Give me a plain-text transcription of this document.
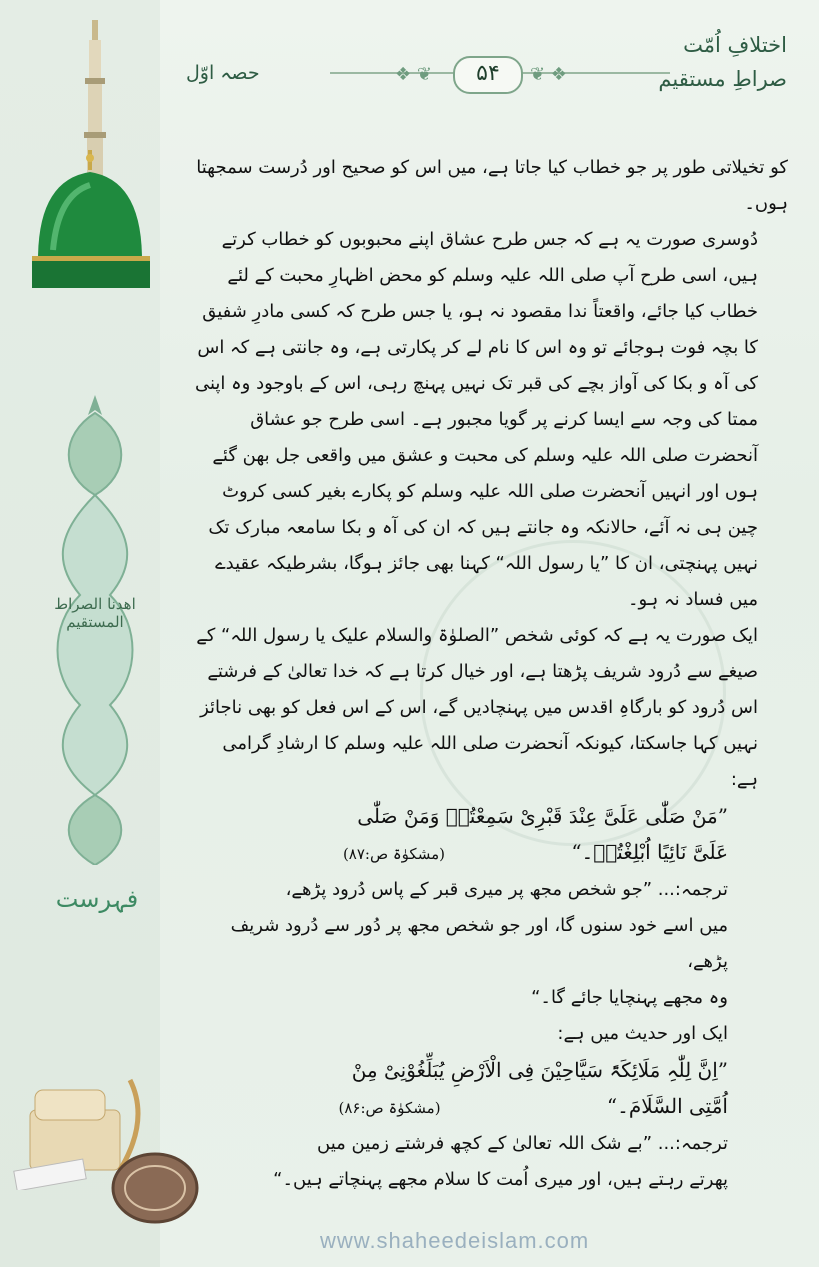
اھدنا الصراط المستقیم
فہرست
حصہ اوّل	❖ ❦	❦ ❖
۵۴
اختلافِ اُمّت
صراطِ مستقیم

کو تخیلاتی طور پر جو خطاب کیا جاتا ہے، میں اس کو صحیح اور دُرست سمجھتا ہوں۔

دُوسری صورت یہ ہے کہ جس طرح عشاق اپنے محبوبوں کو خطاب کرتے ہیں، اسی طرح آپ صلی اللہ علیہ وسلم کو محض اظہارِ محبت کے لئے خطاب کیا جائے، واقعتاً ندا مقصود نہ ہو، یا جس طرح کہ کسی مادرِ شفیق کا بچہ فوت ہوجائے تو وہ اس کا نام لے کر پکارتی ہے، وہ جانتی ہے کہ اس کی آہ و بکا کی آواز بچے کی قبر تک نہیں پہنچ رہی، اس کے باوجود وہ اپنی ممتا کی وجہ سے ایسا کرنے پر گویا مجبور ہے۔ اسی طرح جو عشاق آنحضرت صلی اللہ علیہ وسلم کی محبت و عشق میں واقعی جل بھن گئے ہوں اور انہیں آنحضرت صلی اللہ علیہ وسلم کو پکارے بغیر کسی کروٹ چین ہی نہ آئے، حالانکہ وہ جانتے ہیں کہ ان کی آہ و بکا سامعہ مبارک تک نہیں پہنچتی، ان کا ”یا رسول اللہ“ کہنا بھی جائز ہوگا، بشرطیکہ عقیدے میں فساد نہ ہو۔

ایک صورت یہ ہے کہ کوئی شخص ”الصلوٰۃ والسلام علیک یا رسول اللہ“ کے صیغے سے دُرود شریف پڑھتا ہے، اور خیال کرتا ہے کہ خدا تعالیٰ کے فرشتے اس دُرود کو بارگاہِ اقدس میں پہنچادیں گے، اس کے اس فعل کو بھی ناجائز نہیں کہا جاسکتا، کیونکہ آنحضرت صلی اللہ علیہ وسلم کا ارشادِ گرامی ہے:

”مَنْ صَلّٰی عَلَیَّ عِنْدَ قَبْرِیْ سَمِعْتُہٗ وَمَنْ صَلّٰی

عَلَیَّ نَائِیًا اُبْلِغْتُہٗ۔“ (مشکوٰۃ ص:۸۷)

ترجمہ:... ”جو شخص مجھ پر میری قبر کے پاس دُرود پڑھے،

میں اسے خود سنوں گا، اور جو شخص مجھ پر دُور سے دُرود شریف پڑھے،

وہ مجھے پہنچایا جائے گا۔“

ایک اور حدیث میں ہے:

”اِنَّ لِلّٰہِ مَلَائِکَۃً سَیَّاحِیْنَ فِی الْاَرْضِ یُبَلِّغُوْنِیْ مِنْ

اُمَّتِی السَّلَامَ۔“ (مشکوٰۃ ص:۸۶)

ترجمہ:... ”بے شک اللہ تعالیٰ کے کچھ فرشتے زمین میں

پھرتے رہتے ہیں، اور میری اُمت کا سلام مجھے پہنچاتے ہیں۔“

www.shaheedeislam.com
